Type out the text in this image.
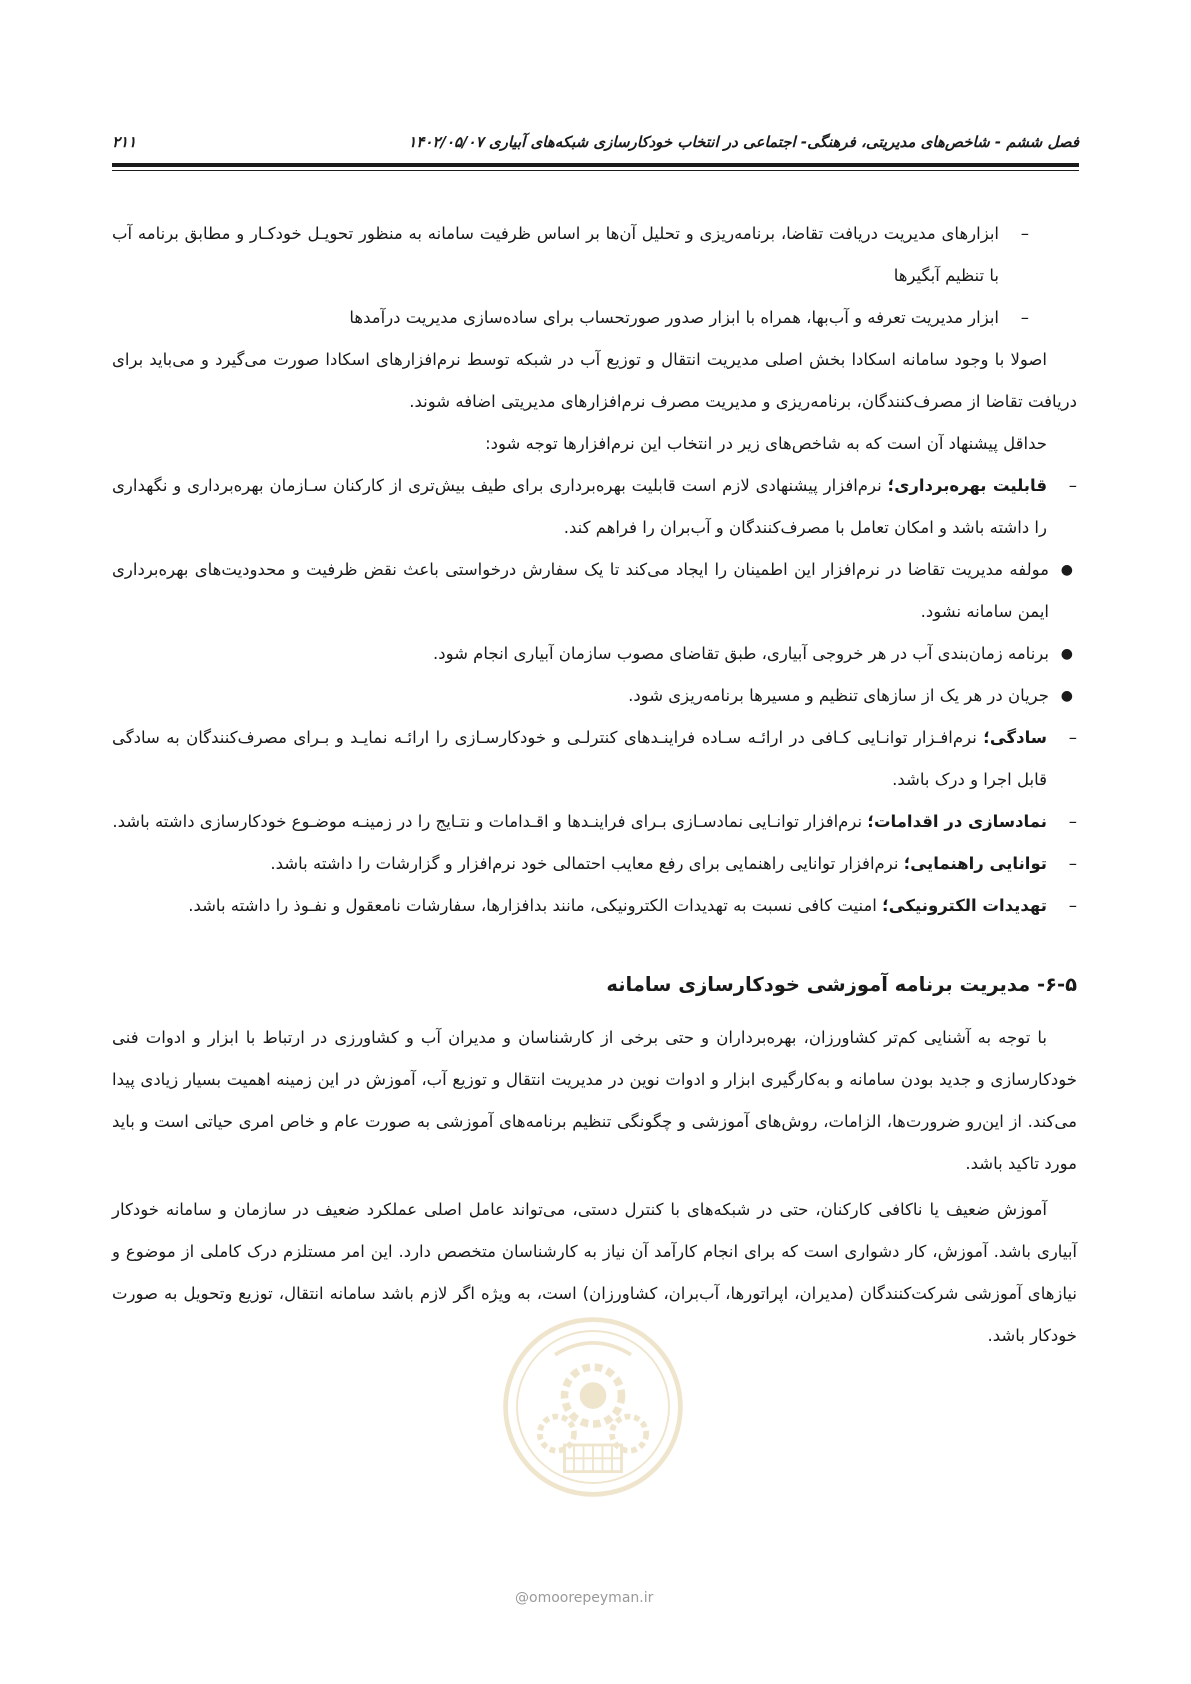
فصل ششم - شاخص‌های مدیریتی، فرهنگی- اجتماعی در انتخاب خودکارسازی شبکه‌های آبیاری ۱۴۰۲/۰۵/۰۷
۲۱۱

–
ابزارهای مدیریت دریافت تقاضا، برنامه‌ریزی و تحلیل آن‌ها بر اساس ظرفیت سامانه به منظور تحویـل خودکـار و مطابق برنامه آب با تنظیم آبگیرها

–
ابزار مدیریت تعرفه و آب‌بها، همراه با ابزار صدور صورتحساب برای ساده‌سازی مدیریت درآمدها

اصولا با وجود سامانه اسکادا بخش اصلی مدیریت انتقال و توزیع آب در شبکه توسط نرم‌افزارهای اسکادا صورت می‌گیرد و می‌باید برای دریافت تقاضا از مصرف‌کنندگان، برنامه‌ریزی و مدیریت مصرف نرم‌افزارهای مدیریتی اضافه شوند.

حداقل پیشنهاد آن است که به شاخص‌های زیر در انتخاب این نرم‌افزارها توجه شود:

–
قابلیت بهره‌برداری؛ نرم‌افزار پیشنهادی لازم است قابلیت بهره‌برداری برای طیف بیش‌تری از کارکنان سـازمان بهره‌برداری و نگهداری را داشته باشد و امکان تعامل با مصرف‌کنندگان و آب‌بران را فراهم کند.

●
مولفه مدیریت تقاضا در نرم‌افزار این اطمینان را ایجاد می‌کند تا یک سفارش درخواستی باعث نقض ظرفیت و محدودیت‌های بهره‌برداری ایمن سامانه نشود.

●
برنامه زمان‌بندی آب در هر خروجی آبیاری، طبق تقاضای مصوب سازمان آبیاری انجام شود.

●
جریان در هر یک از سازهای تنظیم و مسیرها برنامه‌ریزی شود.

–
سادگی؛ نرم‌افـزار توانـایی کـافی در ارائـه سـاده فراینـدهای کنترلـی و خودکارسـازی را ارائـه نمایـد و بـرای مصرف‌کنندگان به سادگی قابل اجرا و درک باشد.

–
نمادسازی در اقدامات؛ نرم‌افزار توانـایی نمادسـازی بـرای فراینـدها و اقـدامات و نتـایج را در زمینـه موضـوع خودکارسازی داشته باشد.

–
توانایی راهنمایی؛ نرم‌افزار توانایی راهنمایی برای رفع معایب احتمالی خود نرم‌افزار و گزارشات را داشته باشد.

–
تهدیدات الکترونیکی؛ امنیت کافی نسبت به تهدیدات الکترونیکی، مانند بدافزارها، سفارشات نامعقول و نفـوذ را داشته باشد.

۶-۵- مدیریت برنامه آموزشی خودکارسازی سامانه

با توجه به آشنایی کم‌تر کشاورزان، بهره‌برداران و حتی برخی از کارشناسان و مدیران آب و کشاورزی در ارتباط با ابزار و ادوات فنی خودکارسازی و جدید بودن سامانه و به‌کارگیری ابزار و ادوات نوین در مدیریت انتقال و توزیع آب، آموزش در این زمینه اهمیت بسیار زیادی پیدا می‌کند. از این‌رو ضرورت‌ها، الزامات، روش‌های آموزشی و چگونگی تنظیم برنامه‌های آموزشی به صورت عام و خاص امری حیاتی است و باید مورد تاکید باشد.

آموزش ضعیف یا ناکافی کارکنان، حتی در شبکه‌های با کنترل دستی، می‌تواند عامل اصلی عملکرد ضعیف در سازمان و سامانه خودکار آبیاری باشد. آموزش، کار دشواری است که برای انجام کارآمد آن نیاز به کارشناسان متخصص دارد. این امر مستلزم درک کاملی از موضوع و نیازهای آموزشی شرکت‌کنندگان (مدیران، اپراتورها، آب‌بران، کشاورزان) است، به ویژه اگر لازم باشد سامانه انتقال، توزیع وتحویل به صورت خودکار باشد.

@omoorepeyman.ir
